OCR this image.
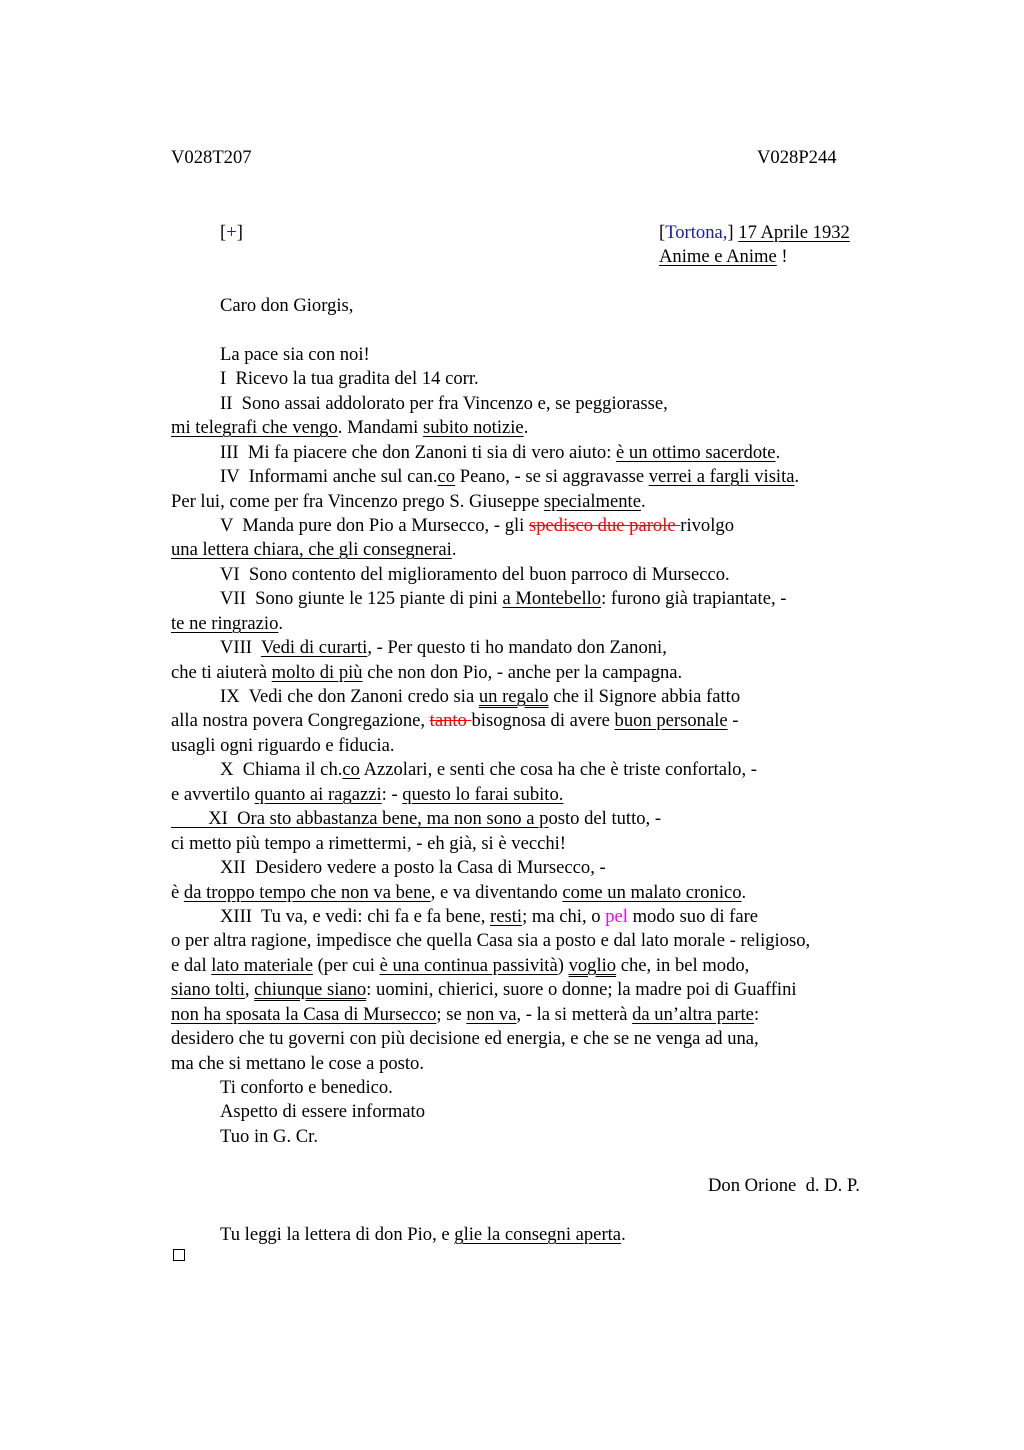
V028T207	V028P244
[+]	[Tortona,] 17 Aprile 1932
Anime e Anime !
Caro don Giorgis,
La pace sia con noi!
I  Ricevo la tua gradita del 14 corr.
II  Sono assai addolorato per fra Vincenzo e, se peggiorasse,
mi telegrafi che vengo. Mandami subito notizie.
III  Mi fa piacere che don Zanoni ti sia di vero aiuto: è un ottimo sacerdote.
IV  Informami anche sul can.co Peano, - se si aggravasse verrei a fargli visita.
Per lui, come per fra Vincenzo prego S. Giuseppe specialmente.
V  Manda pure don Pio a Mursecco, - gli spedisco due parole rivolgo
una lettera chiara, che gli consegnerai.
VI  Sono contento del miglioramento del buon parroco di Mursecco.
VII  Sono giunte le 125 piante di pini a Montebello: furono già trapiantate, -
te ne ringrazio.
VIII  Vedi di curarti, - Per questo ti ho mandato don Zanoni,
che ti aiuterà molto di più che non don Pio, - anche per la campagna.
IX  Vedi che don Zanoni credo sia un regalo che il Signore abbia fatto
alla nostra povera Congregazione, tanto bisognosa di avere buon personale -
usagli ogni riguardo e fiducia.
X  Chiama il ch.co Azzolari, e senti che cosa ha che è triste confortalo, -
e avvertilo quanto ai ragazzi: - questo lo farai subito.
XI  Ora sto abbastanza bene, ma non sono a posto del tutto, -
ci metto più tempo a rimettermi, - eh già, si è vecchi!
XII  Desidero vedere a posto la Casa di Mursecco, -
è da troppo tempo che non va bene, e va diventando come un malato cronico.
XIII  Tu va, e vedi: chi fa e fa bene, resti; ma chi, o pel modo suo di fare
o per altra ragione, impedisce che quella Casa sia a posto e dal lato morale - religioso,
e dal lato materiale (per cui è una continua passività) voglio che, in bel modo,
siano tolti, chiunque siano: uomini, chierici, suore o donne; la madre poi di Guaffini
non ha sposata la Casa di Mursecco; se non va, - la si metterà da un’altra parte:
desidero che tu governi con più decisione ed energia, e che se ne venga ad una,
ma che si mettano le cose a posto.
Ti conforto e benedico.
Aspetto di essere informato
Tuo in G. Cr.
Don Orione  d. D. P.
Tu leggi la lettera di don Pio, e glie la consegni aperta.
